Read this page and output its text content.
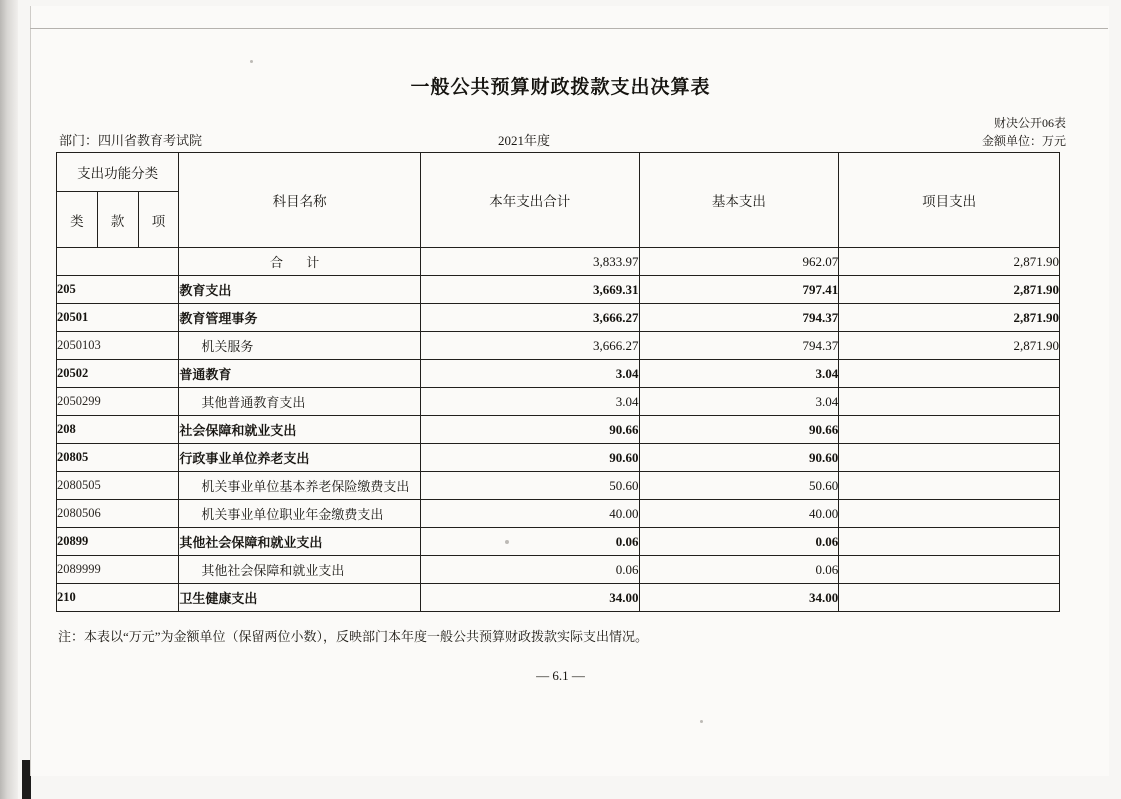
一般公共预算财政拨款支出决算表
部门：四川省教育考试院	2021年度
财决公开06表
金额单位：万元
支出功能分类			科目名称	本年支出合计	基本支出	项目支出
类	款	项				
			合 计	3,833.97	962.07	2,871.90
205			教育支出	3,669.31	797.41	2,871.90
20501			教育管理事务	3,666.27	794.37	2,871.90
2050103			机关服务	3,666.27	794.37	2,871.90
20502			普通教育	3.04	3.04	
2050299			其他普通教育支出	3.04	3.04	
208			社会保障和就业支出	90.66	90.66	
20805			行政事业单位养老支出	90.60	90.60	
2080505			机关事业单位基本养老保险缴费支出	50.60	50.60	
2080506			机关事业单位职业年金缴费支出	40.00	40.00	
20899			其他社会保障和就业支出	0.06	0.06	
2089999			其他社会保障和就业支出	0.06	0.06	
210			卫生健康支出	34.00	34.00	
注：本表以“万元”为金额单位（保留两位小数），反映部门本年度一般公共预算财政拨款实际支出情况。
— 6.1 —
